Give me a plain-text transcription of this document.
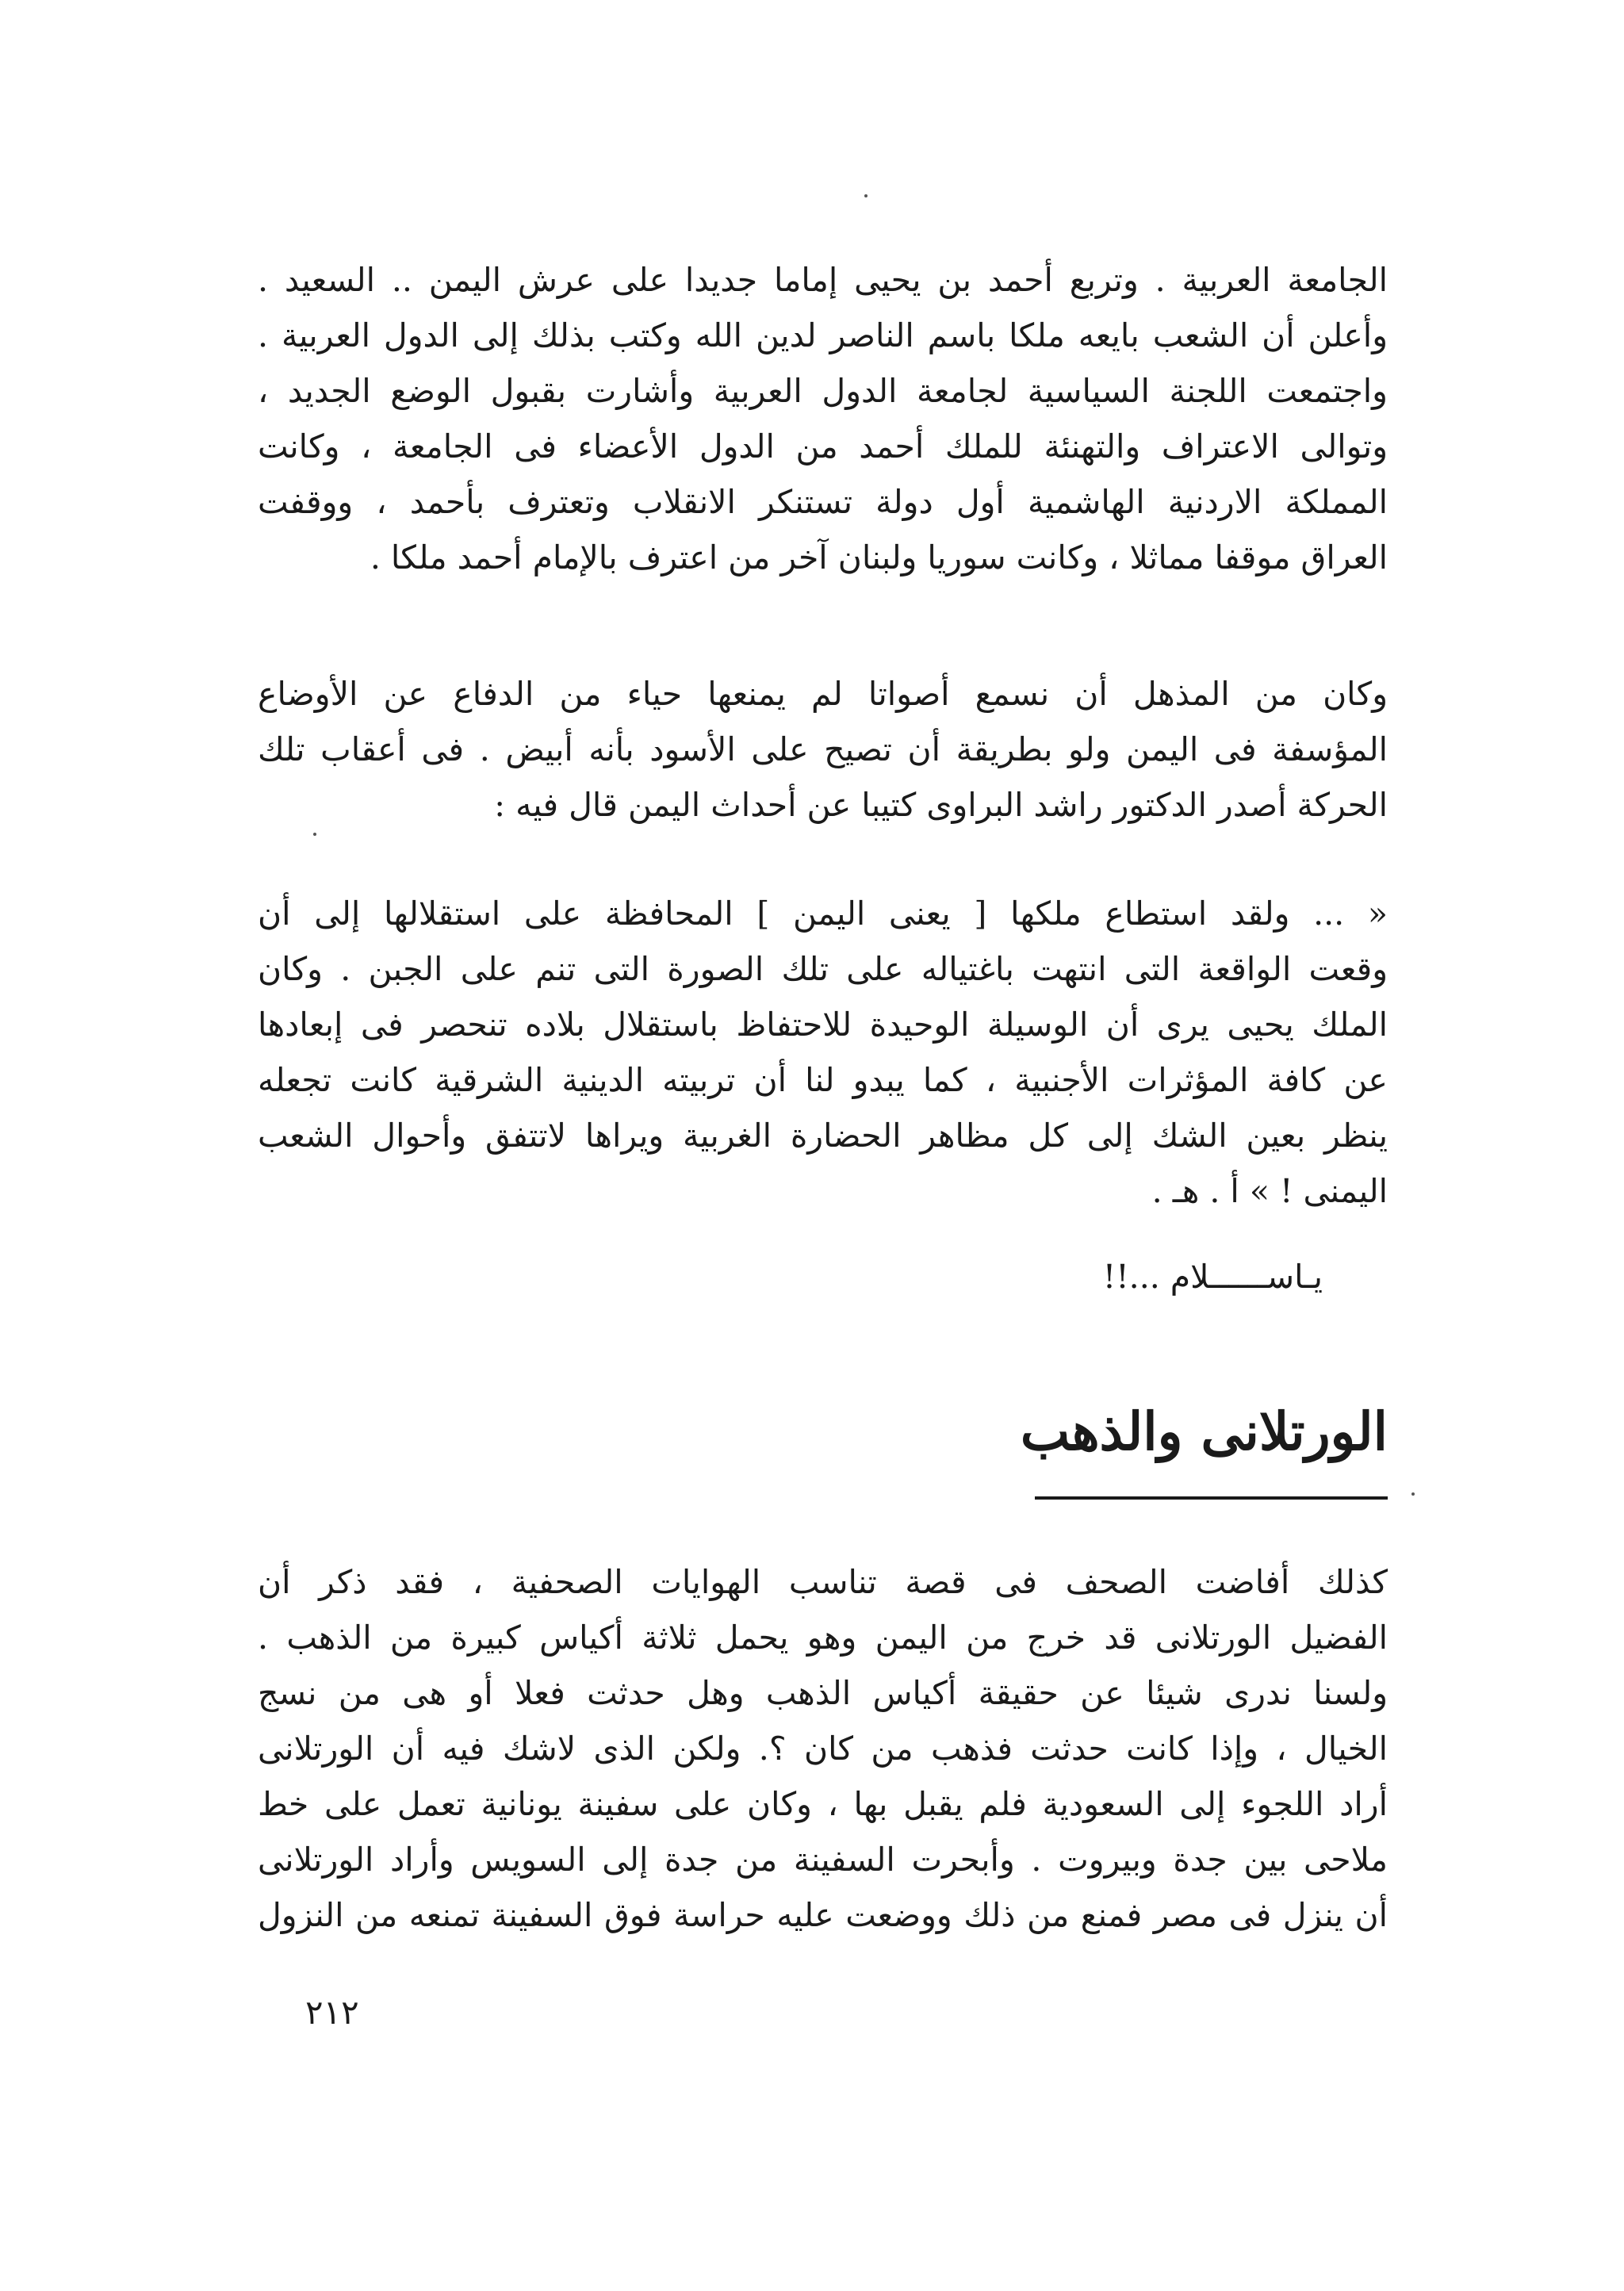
الجامعة العربية . وتربع أحمد بن يحيى إماما جديدا على عرش اليمن .. السعيد .
وأعلن أن الشعب بايعه ملكا باسم الناصر لدين الله وكتب بذلك إلى الدول العربية .
واجتمعت اللجنة السياسية لجامعة الدول العربية وأشارت بقبول الوضع الجديد ،
وتوالى الاعتراف والتهنئة للملك أحمد من الدول الأعضاء فى الجامعة ، وكانت
المملكة الاردنية الهاشمية أول دولة تستنكر الانقلاب وتعترف بأحمد ، ووقفت
العراق موقفا مماثلا ، وكانت سوريا ولبنان آخر من اعترف بالإمام أحمد ملكا .
وكان من المذهل أن نسمع أصواتا لم يمنعها حياء من الدفاع عن الأوضاع
المؤسفة فى اليمن ولو بطريقة أن تصيح على الأسود بأنه أبيض . فى أعقاب تلك
الحركة أصدر الدكتور راشد البراوى كتيبا عن أحداث اليمن قال فيه :
« ... ولقد استطاع ملكها [ يعنى اليمن ] المحافظة على استقلالها إلى أن
وقعت الواقعة التى انتهت باغتياله على تلك الصورة التى تنم على الجبن . وكان
الملك يحيى يرى أن الوسيلة الوحيدة للاحتفاظ باستقلال بلاده تنحصر فى إبعادها
عن كافة المؤثرات الأجنبية ، كما يبدو لنا أن تربيته الدينية الشرقية كانت تجعله
ينظر بعين الشك إلى كل مظاهر الحضارة الغربية ويراها لاتتفق وأحوال الشعب
اليمنى ! » أ . هـ .
يـاســــــلام ...!!
الورتلانى والذهب
كذلك أفاضت الصحف فى قصة تناسب الهوايات الصحفية ، فقد ذكر أن
الفضيل الورتلانى قد خرج من اليمن وهو يحمل ثلاثة أكياس كبيرة من الذهب .
ولسنا ندرى شيئا عن حقيقة أكياس الذهب وهل حدثت فعلا أو هى من نسج
الخيال ، وإذا كانت حدثت فذهب من كان ؟. ولكن الذى لاشك فيه أن الورتلانى
أراد اللجوء إلى السعودية فلم يقبل بها ، وكان على سفينة يونانية تعمل على خط
ملاحى بين جدة وبيروت . وأبحرت السفينة من جدة إلى السويس وأراد الورتلانى
أن ينزل فى مصر فمنع من ذلك ووضعت عليه حراسة فوق السفينة تمنعه من النزول
٢١٢
